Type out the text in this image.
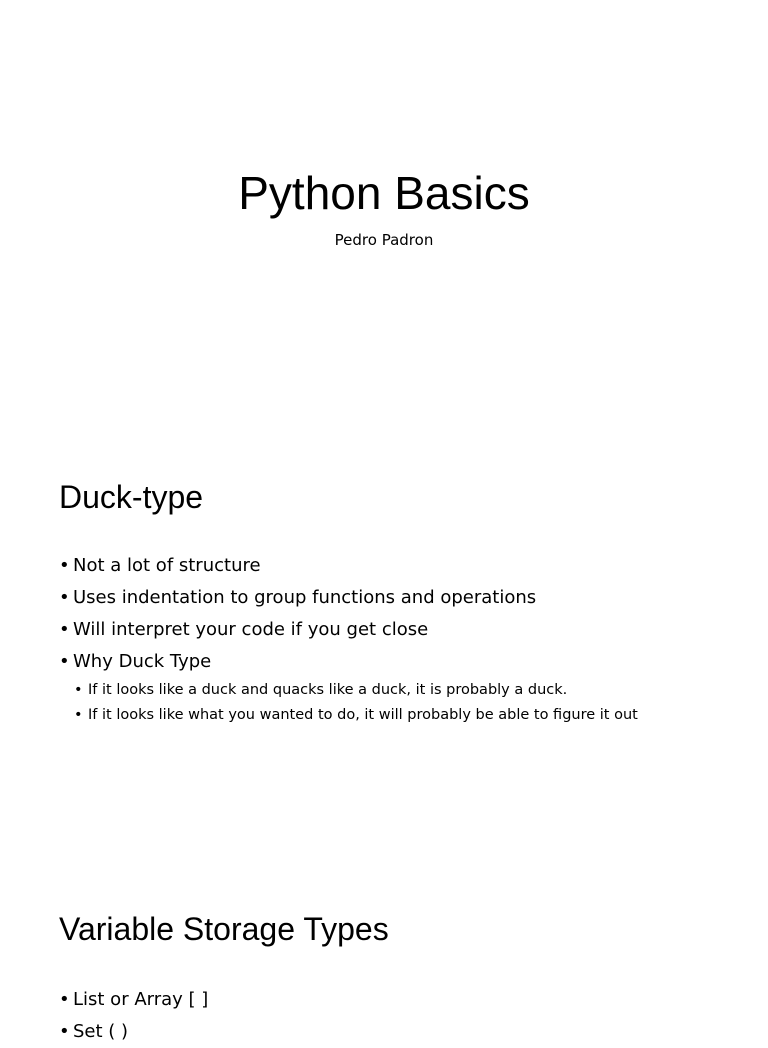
Python Basics
Pedro Padron
Duck-type
• Not a lot of structure
• Uses indentation to group functions and operations
• Will interpret your code if you get close
• Why Duck Type
• If it looks like a duck and quacks like a duck, it is probably a duck.
• If it looks like what you wanted to do, it will probably be able to figure it out
Variable Storage Types
• List or Array [ ]
• Set ( )
